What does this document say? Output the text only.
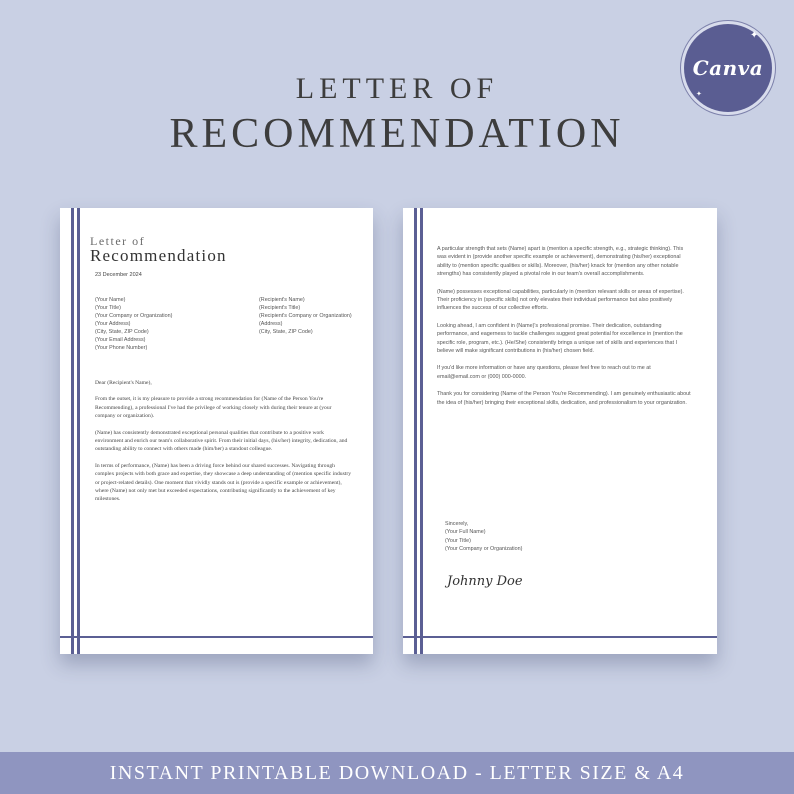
Canva
✦
✦
LETTER OF
RECOMMENDATION
Letter of
Recommendation
23 December 2024
(Your Name)
(Your Title)
(Your Company or Organization)
(Your Address)
(City, State, ZIP Code)
(Your Email Address)
(Your Phone Number)
(Recipient's Name)
(Recipient's Title)
(Recipient's Company or Organization)
(Address)
(City, State, ZIP Code)

Dear (Recipient's Name),

From the outset, it is my pleasure to provide a strong recommendation for (Name of the Person You're Recommending), a professional I've had the privilege of working closely with during their tenure at (your company or organization).

(Name) has consistently demonstrated exceptional personal qualities that contribute to a positive work environment and enrich our team's collaborative spirit. From their initial days, (his/her) integrity, dedication, and outstanding ability to connect with others made (him/her) a standout colleague.

In terms of performance, (Name) has been a driving force behind our shared successes. Navigating through complex projects with both grace and expertise, they showcase a deep understanding of (mention specific industry or project-related details). One moment that vividly stands out is (provide a specific example or achievement), where (Name) not only met but exceeded expectations, contributing significantly to the achievement of key milestones.

A particular strength that sets (Name) apart is (mention a specific strength, e.g., strategic thinking). This was evident in (provide another specific example or achievement), demonstrating (his/her) exceptional ability to (mention specific qualities or skills). Moreover, (his/her) knack for (mention any other notable strengths) has consistently played a pivotal role in our team's overall accomplishments.

(Name) possesses exceptional capabilities, particularly in (mention relevant skills or areas of expertise). Their proficiency in (specific skills) not only elevates their individual performance but also positively influences the success of our collective efforts.

Looking ahead, I am confident in (Name)'s professional promise. Their dedication, outstanding performance, and eagerness to tackle challenges suggest great potential for excellence in (mention the specific role, program, etc.). (He/She) consistently brings a unique set of skills and experiences that I believe will make significant contributions in (his/her) chosen field.

If you'd like more information or have any questions, please feel free to reach out to me at email@email.com or (000) 000-0000.

Thank you for considering (Name of the Person You're Recommending). I am genuinely enthusiastic about the idea of (his/her) bringing their exceptional skills, dedication, and professionalism to your organization.

Sincerely,
(Your Full Name)
(Your Title)
(Your Company or Organization)
Johnny Doe
INSTANT PRINTABLE DOWNLOAD - LETTER SIZE & A4
